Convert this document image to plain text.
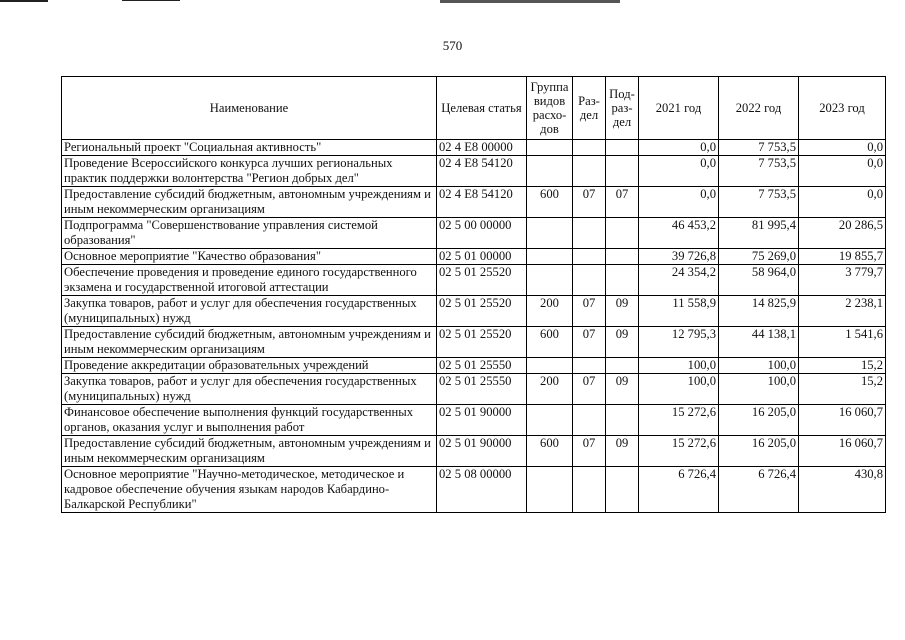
570
Наименование	Целевая статья	Группа видов расхо-дов	Раз-дел	Под-раз-дел	2021 год	2022 год	2023 год
Региональный проект "Социальная активность"	02 4 E8 00000				0,0	7 753,5	0,0
Проведение Всероссийского конкурса лучших региональных практик поддержки волонтерства "Регион добрых дел"	02 4 E8 54120				0,0	7 753,5	0,0
Предоставление субсидий бюджетным, автономным учреждениям и иным некоммерческим организациям	02 4 E8 54120	600	07	07	0,0	7 753,5	0,0
Подпрограмма "Совершенствование управления системой образования"	02 5 00 00000				46 453,2	81 995,4	20 286,5
Основное мероприятие "Качество образования"	02 5 01 00000				39 726,8	75 269,0	19 855,7
Обеспечение проведения и проведение единого государственного экзамена и государственной итоговой аттестации	02 5 01 25520				24 354,2	58 964,0	3 779,7
Закупка товаров, работ и услуг для обеспечения государственных (муниципальных) нужд	02 5 01 25520	200	07	09	11 558,9	14 825,9	2 238,1
Предоставление субсидий бюджетным, автономным учреждениям и иным некоммерческим организациям	02 5 01 25520	600	07	09	12 795,3	44 138,1	1 541,6
Проведение аккредитации образовательных учреждений	02 5 01 25550				100,0	100,0	15,2
Закупка товаров, работ и услуг для обеспечения государственных (муниципальных) нужд	02 5 01 25550	200	07	09	100,0	100,0	15,2
Финансовое обеспечение выполнения функций государственных органов, оказания услуг и выполнения работ	02 5 01 90000				15 272,6	16 205,0	16 060,7
Предоставление субсидий бюджетным, автономным учреждениям и иным некоммерческим организациям	02 5 01 90000	600	07	09	15 272,6	16 205,0	16 060,7
Основное мероприятие "Научно-методическое, методическое и кадровое обеспечение обучения языкам народов Кабардино-Балкарской Республики"	02 5 08 00000				6 726,4	6 726,4	430,8
